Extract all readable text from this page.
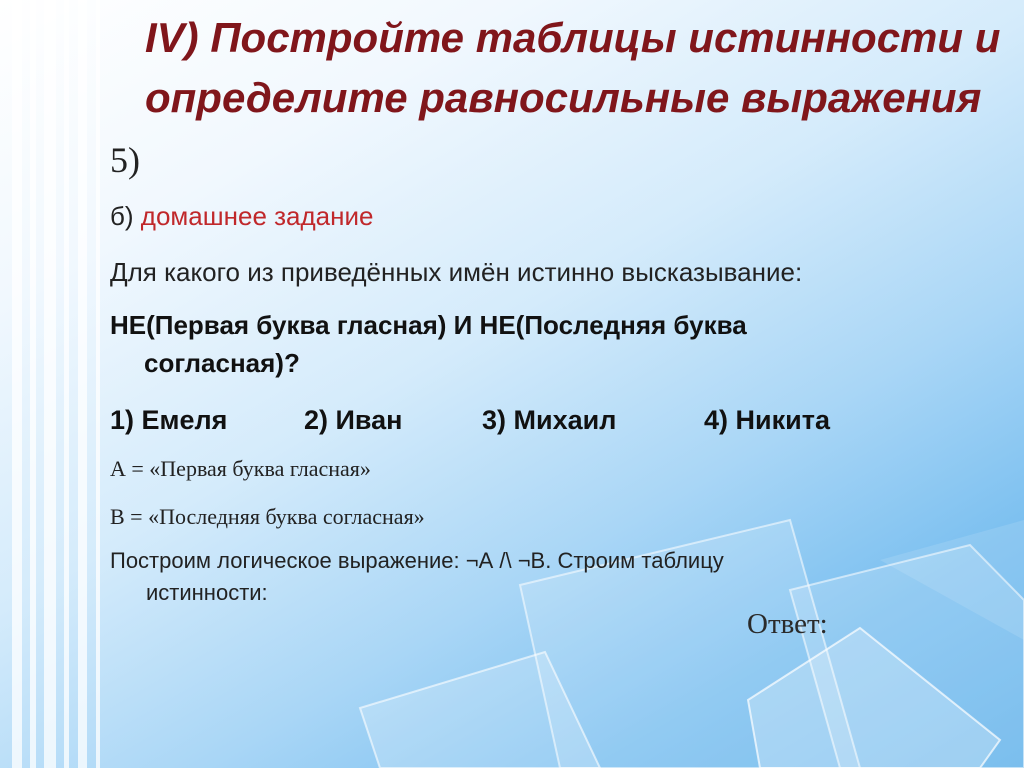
IV) Постройте таблицы истинности и определите равносильные выражения

5)

б) домашнее задание

Для какого из приведённых имён истинно высказывание:

НЕ(Первая буква гласная) И НЕ(Последняя буква
согласная)?
1) Емеля	2) Иван	3) Михаил	4) Никита

А = «Первая буква гласная»

В = «Последняя буква согласная»

Построим логическое выражение: ¬А /\ ¬В. Строим таблицу
истинности:

Ответ:
